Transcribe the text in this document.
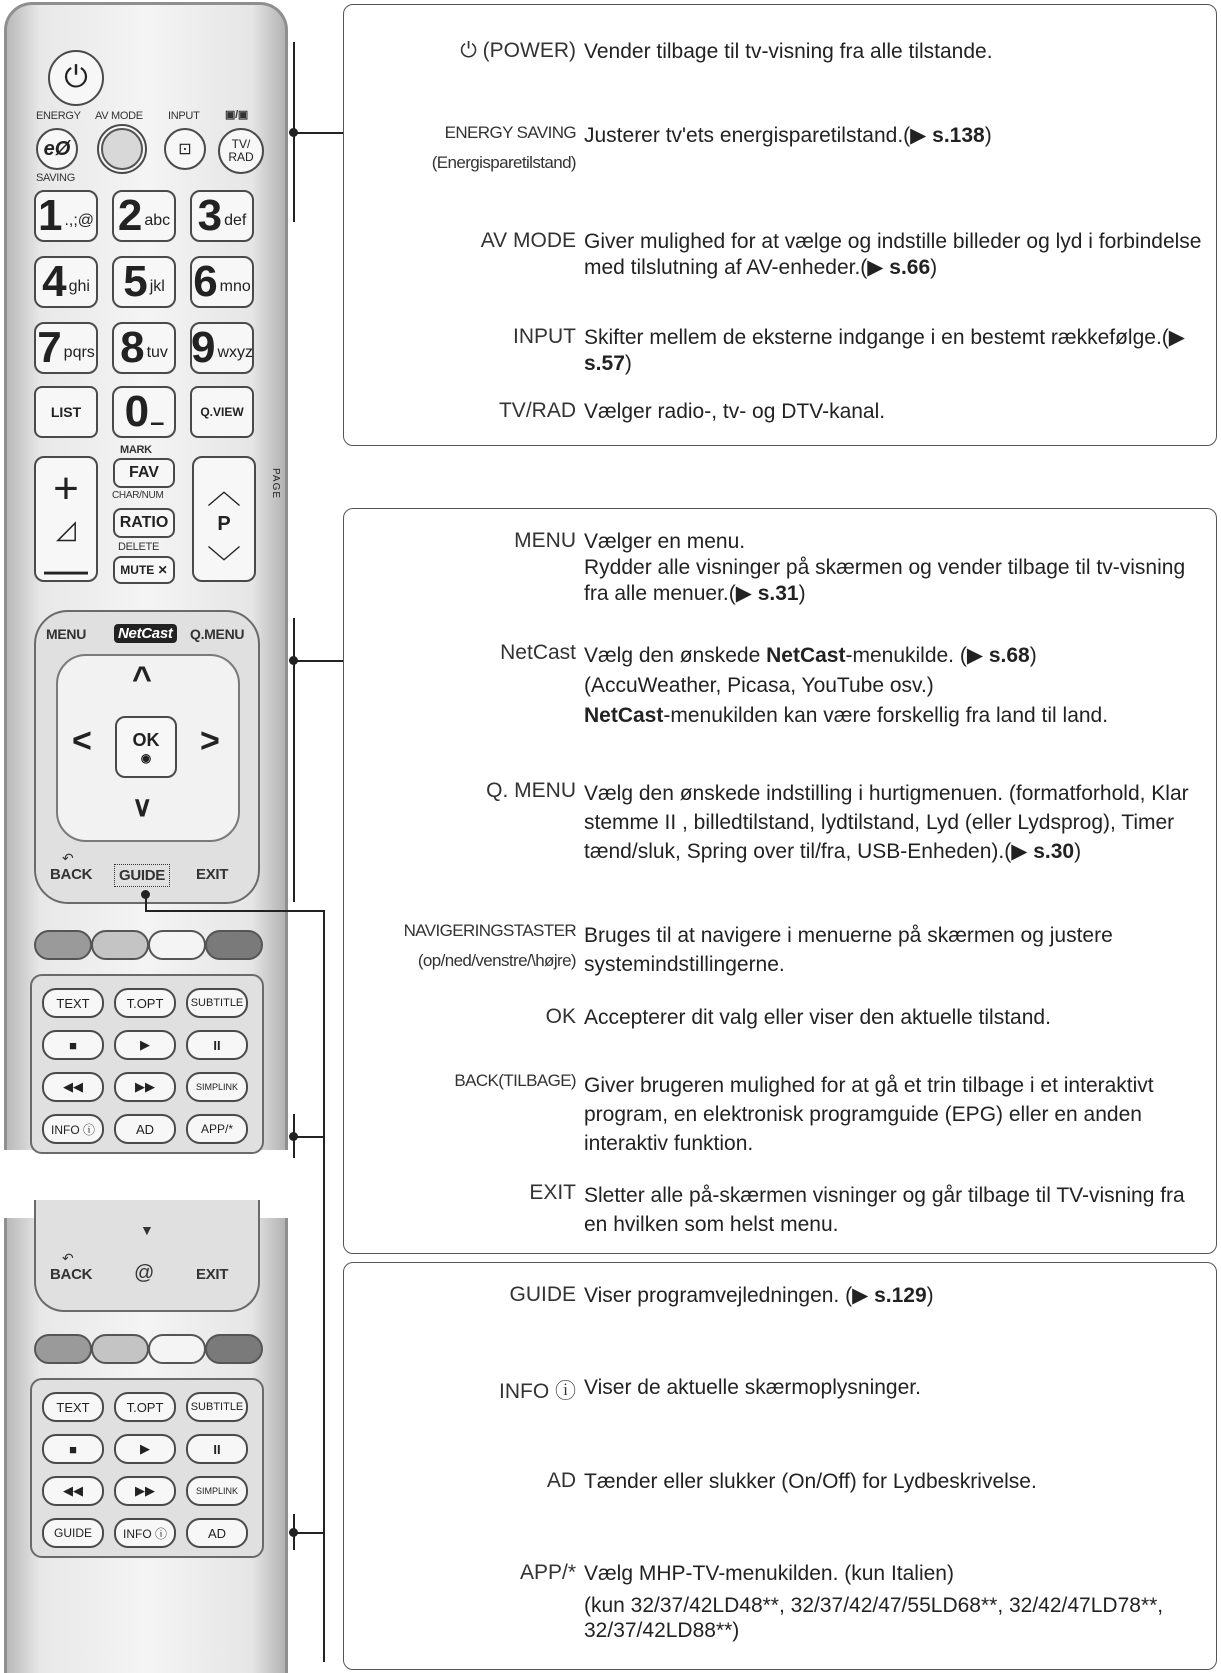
⏻
ENERGY AV MODE INPUT ▣/▣
eØ
SAVING
⊡	TV/ RAD
1 .,;@ 2 abc 3 def
4 ghi 5 jkl 6 mno
7 pqrs 8 tuv 9 wxyz
LIST 0 ▁	Q.VIEW
MARK
+
◿
—
FAV
CHAR/NUM
RATIO
DELETE
MUTE ✕
︿
P
﹀
PAGE
MENU NetCast Q.MENU
^
<	>
∨
OK
◉
BACK
↶
GUIDE	EXIT
TEXT	T.OPT SUBTITLE
■	▶	II
◀◀	▶▶	SIMPLINK
INFO ⓘ	AD	APP/*
▼
BACK
↶
@	EXIT
TEXT	T.OPT SUBTITLE
■	▶	II
◀◀	▶▶	SIMPLINK
GUIDE	INFO ⓘ	AD
⏻ (POWER) Vender tilbage til tv-visning fra alle tilstande.
ENERGY SAVING
(Energisparetilstand)
Justerer tv'ets energisparetilstand.(▶ s.138)
AV MODE Giver mulighed for at vælge og indstille billeder og lyd i forbindelse med tilslutning af AV-enheder.(▶ s.66)
INPUT Skifter mellem de eksterne indgange i en bestemt rækkefølge.(▶ s.57)
TV/RAD Vælger radio-, tv- og DTV-kanal.
MENU Vælger en menu.
Rydder alle visninger på skærmen og vender tilbage til tv-visning fra alle menuer.(▶ s.31)
NetCast Vælg den ønskede NetCast-menukilde. (▶ s.68)
(AccuWeather, Picasa, YouTube osv.)
NetCast-menukilden kan være forskellig fra land til land.
Q. MENU Vælg den ønskede indstilling i hurtigmenuen. (formatforhold, Klar stemme II , billedtilstand, lydtilstand, Lyd (eller Lydsprog), Timer tænd/sluk, Spring over til/fra, USB-Enheden).(▶ s.30)
NAVIGERINGSTASTER
(op/ned/venstre/\højre)
Bruges til at navigere i menuerne på skærmen og justere systemindstillingerne.
OK Accepterer dit valg eller viser den aktuelle tilstand.
BACK(TILBAGE) Giver brugeren mulighed for at gå et trin tilbage i et interaktivt program, en elektronisk programguide (EPG) eller en anden interaktiv funktion.
EXIT Sletter alle på-skærmen visninger og går tilbage til TV-visning fra en hvilken som helst menu.
GUIDE Viser programvejledningen. (▶ s.129)
INFO ⓘ Viser de aktuelle skærmoplysninger.
AD Tænder eller slukker (On/Off) for Lydbeskrivelse.
APP/* Vælg MHP-TV-menukilden. (kun Italien)
(kun 32/37/42LD48**, 32/37/42/47/55LD68**, 32/42/47LD78**, 32/37/42LD88**)
